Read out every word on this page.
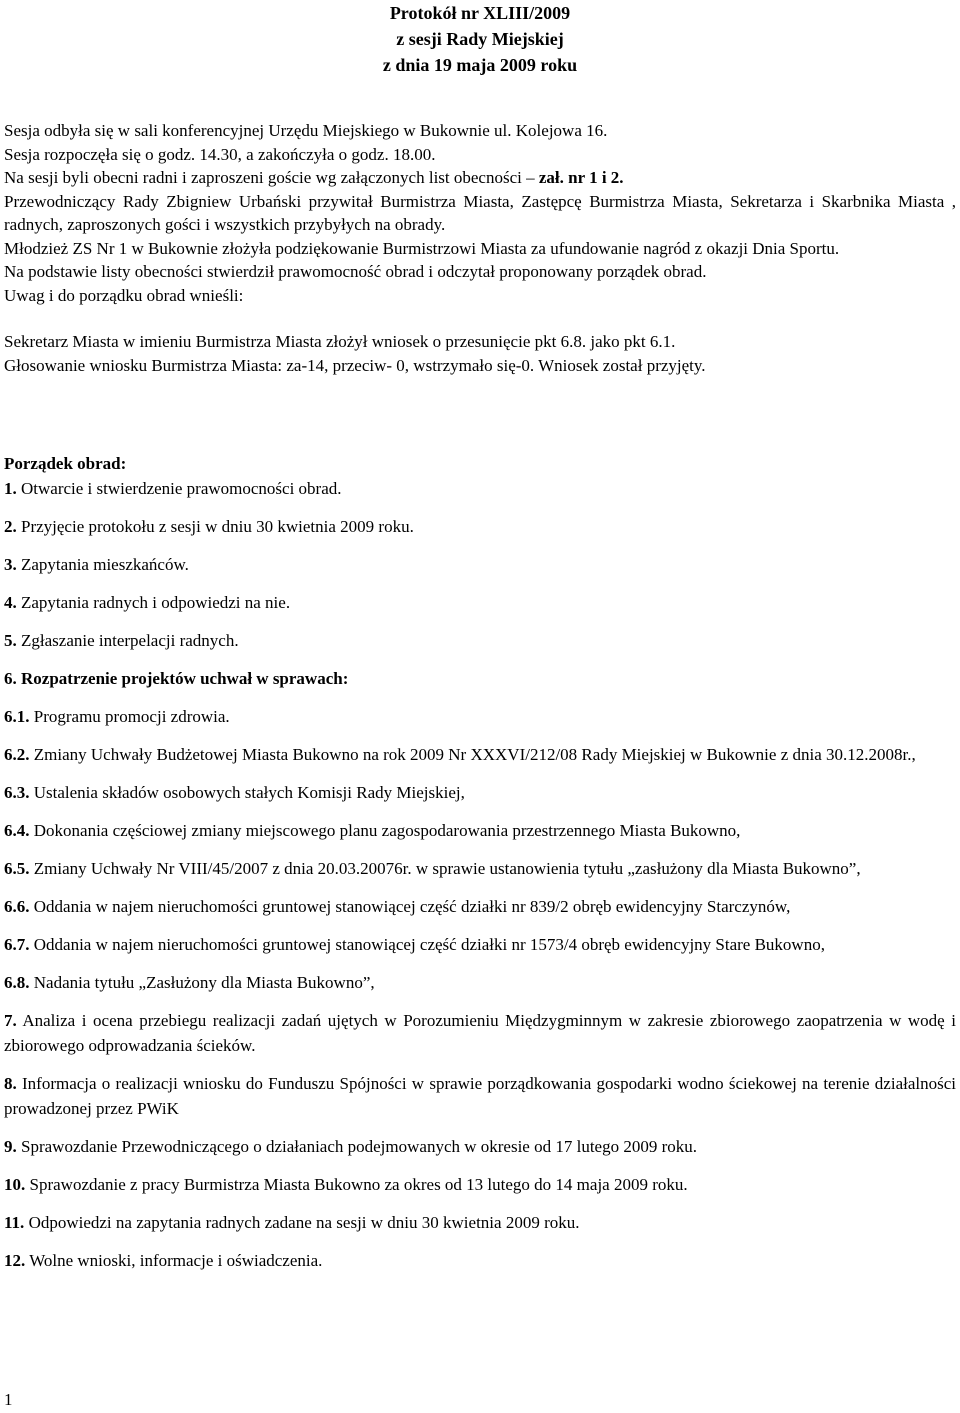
Protokół nr XLIII/2009
z sesji Rady Miejskiej
z dnia 19 maja 2009 roku
Sesja odbyła się w sali konferencyjnej Urzędu Miejskiego w Bukownie ul. Kolejowa 16.
Sesja rozpoczęła się o godz. 14.30, a zakończyła o godz. 18.00.
Na sesji byli obecni radni i zaproszeni goście wg załączonych list obecności – zał. nr 1 i 2.
Przewodniczący Rady Zbigniew Urbański przywitał Burmistrza Miasta, Zastępcę Burmistrza Miasta, Sekretarza i Skarbnika Miasta , radnych, zaproszonych gości i wszystkich przybyłych na obrady.
Młodzież ZS Nr 1 w Bukownie złożyła podziękowanie Burmistrzowi Miasta za ufundowanie nagród z okazji Dnia Sportu.
Na podstawie listy obecności stwierdził prawomocność obrad i odczytał proponowany porządek obrad.
Uwag i do porządku obrad wnieśli:
Sekretarz Miasta w imieniu Burmistrza Miasta złożył wniosek o przesunięcie pkt 6.8. jako pkt 6.1.
Głosowanie wniosku Burmistrza Miasta: za-14, przeciw- 0, wstrzymało się-0. Wniosek został przyjęty.
Porządek obrad:
1. Otwarcie i stwierdzenie prawomocności obrad.
2. Przyjęcie protokołu z sesji w dniu 30 kwietnia 2009 roku.
3. Zapytania mieszkańców.
4. Zapytania radnych i odpowiedzi na nie.
5. Zgłaszanie interpelacji radnych.
6. Rozpatrzenie projektów uchwał w sprawach:
6.1. Programu promocji zdrowia.
6.2. Zmiany Uchwały Budżetowej Miasta Bukowno na rok 2009 Nr XXXVI/212/08 Rady Miejskiej w Bukownie z dnia 30.12.2008r.,
6.3. Ustalenia składów osobowych stałych Komisji Rady Miejskiej,
6.4. Dokonania częściowej zmiany miejscowego planu zagospodarowania przestrzennego Miasta Bukowno,
6.5. Zmiany Uchwały Nr VIII/45/2007 z dnia 20.03.20076r. w sprawie ustanowienia tytułu „zasłużony dla Miasta Bukowno”,
6.6. Oddania w najem nieruchomości gruntowej stanowiącej część działki nr 839/2 obręb ewidencyjny Starczynów,
6.7. Oddania w najem nieruchomości gruntowej stanowiącej część działki nr 1573/4 obręb ewidencyjny Stare Bukowno,
6.8. Nadania tytułu „Zasłużony dla Miasta Bukowno”,
7. Analiza i ocena przebiegu realizacji zadań ujętych w Porozumieniu Międzygminnym w zakresie zbiorowego zaopatrzenia w wodę i zbiorowego odprowadzania ścieków.
8. Informacja o realizacji wniosku do Funduszu Spójności w sprawie porządkowania gospodarki wodno ściekowej na terenie działalności prowadzonej przez PWiK
9. Sprawozdanie Przewodniczącego o działaniach podejmowanych w okresie od 17 lutego 2009 roku.
10. Sprawozdanie z pracy Burmistrza Miasta Bukowno za okres od 13 lutego do 14 maja 2009 roku.
11. Odpowiedzi na zapytania radnych zadane na sesji w dniu 30 kwietnia 2009 roku.
12. Wolne wnioski, informacje i oświadczenia.
1
